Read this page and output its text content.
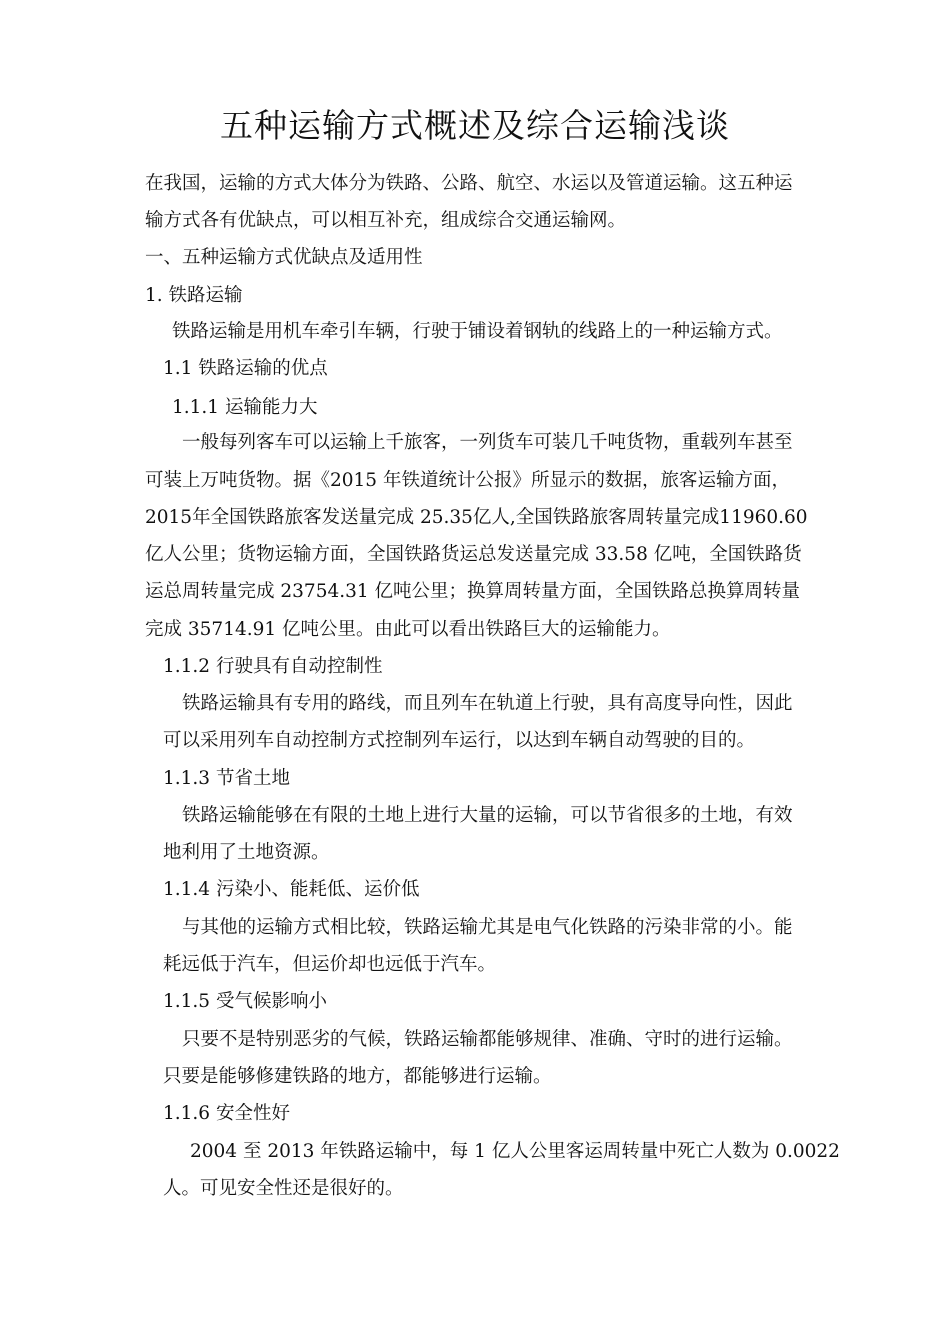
五种运输方式概述及综合运输浅谈
在我国，运输的方式大体分为铁路、公路、航空、水运以及管道运输。这五种运
输方式各有优缺点，可以相互补充，组成综合交通运输网。
一、五种运输方式优缺点及适用性
1. 铁路运输
铁路运输是用机车牵引车辆，行驶于铺设着钢轨的线路上的一种运输方式。
1.1 铁路运输的优点
1.1.1 运输能力大
一般每列客车可以运输上千旅客，一列货车可装几千吨货物，重载列车甚至
可装上万吨货物。据《2015 年铁道统计公报》所显示的数据，旅客运输方面，
2015年全国铁路旅客发送量完成 25.35亿人,全国铁路旅客周转量完成11960.60
亿人公里；货物运输方面，全国铁路货运总发送量完成 33.58 亿吨，全国铁路货
运总周转量完成 23754.31 亿吨公里；换算周转量方面，全国铁路总换算周转量
完成 35714.91 亿吨公里。由此可以看出铁路巨大的运输能力。
1.1.2 行驶具有自动控制性
铁路运输具有专用的路线，而且列车在轨道上行驶，具有高度导向性，因此
可以采用列车自动控制方式控制列车运行，以达到车辆自动驾驶的目的。
1.1.3 节省土地
铁路运输能够在有限的土地上进行大量的运输，可以节省很多的土地，有效
地利用了土地资源。
1.1.4 污染小、能耗低、运价低
与其他的运输方式相比较，铁路运输尤其是电气化铁路的污染非常的小。能
耗远低于汽车，但运价却也远低于汽车。
1.1.5 受气候影响小
只要不是特别恶劣的气候，铁路运输都能够规律、准确、守时的进行运输。
只要是能够修建铁路的地方，都能够进行运输。
1.1.6 安全性好
2004 至 2013 年铁路运输中，每 1 亿人公里客运周转量中死亡人数为 0.0022
人。可见安全性还是很好的。
